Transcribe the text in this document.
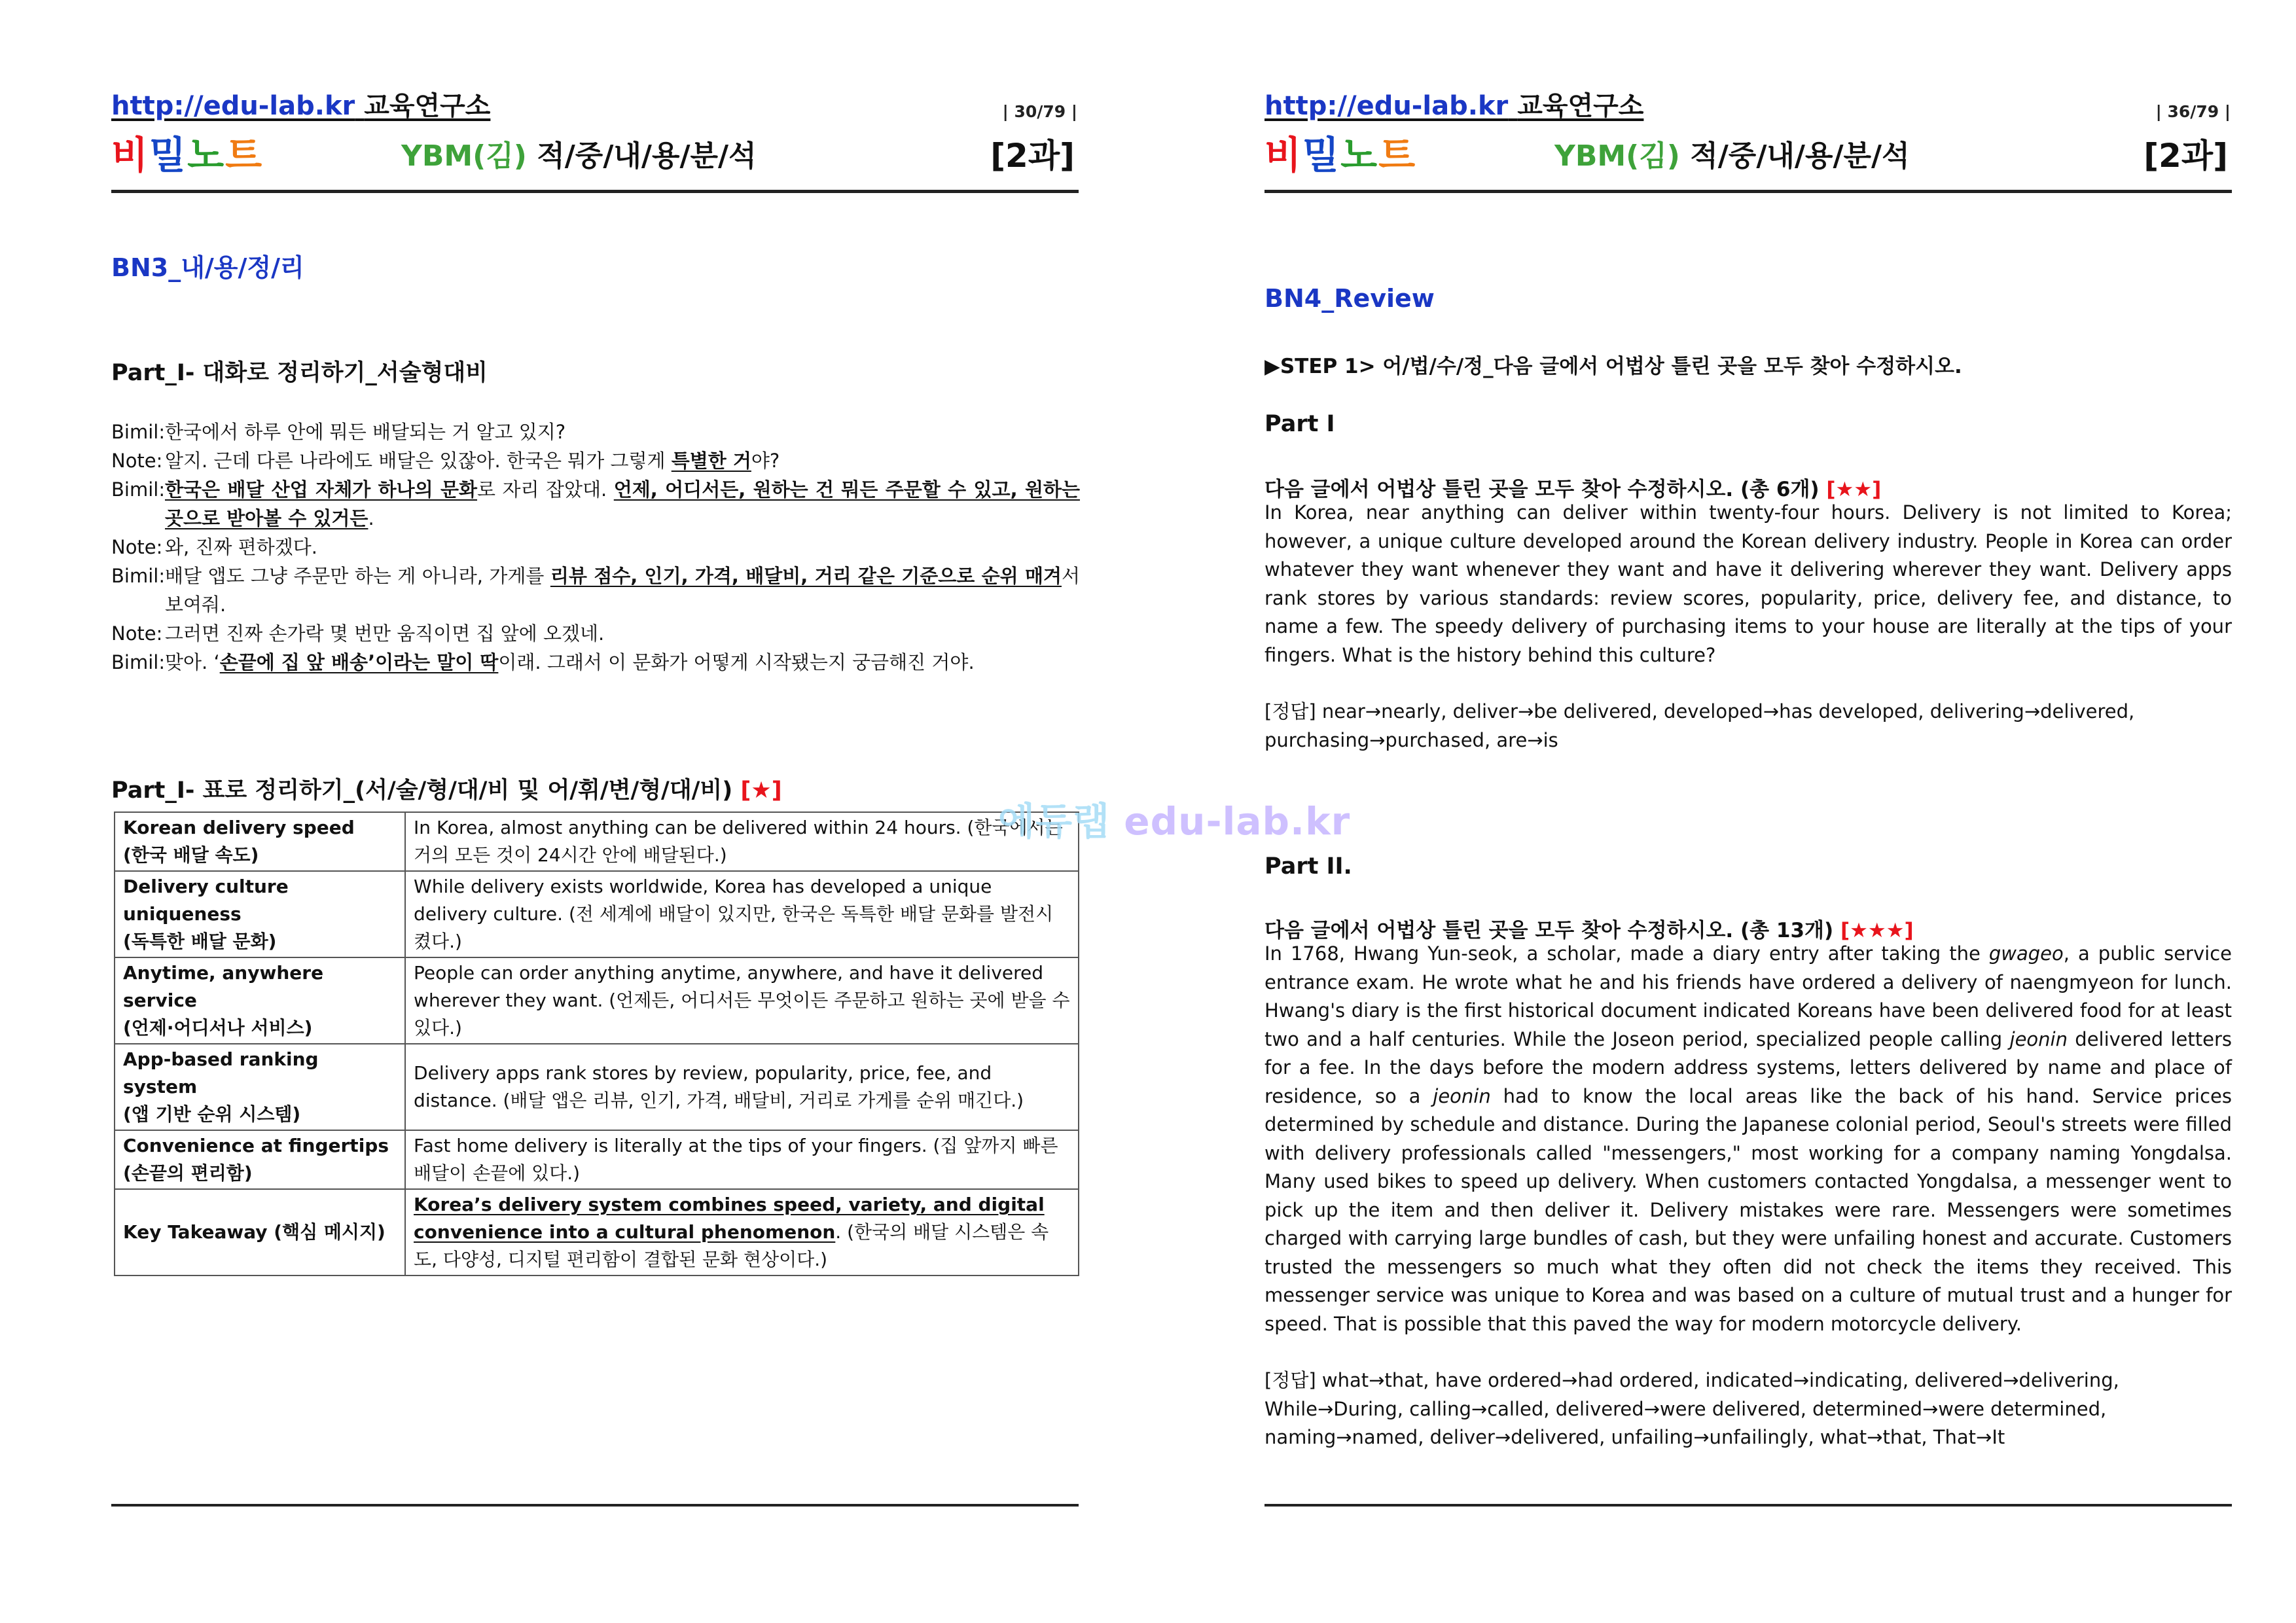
http://edu-lab.kr 교육연구소	| 30/79 |
비밀노트	YBM(김) 적/중/내/용/분/석	[2과]
BN3_내/용/정/리
Part_I- 대화로 정리하기_서술형대비
Bimil: 한국에서 하루 안에 뭐든 배달되는 거 알고 있지?
Note: 알지. 근데 다른 나라에도 배달은 있잖아. 한국은 뭐가 그렇게 특별한 거야?
Bimil: 한국은 배달 산업 자체가 하나의 문화로 자리 잡았대. 언제, 어디서든, 원하는 건 뭐든 주문할 수 있고, 원하는 곳으로 받아볼 수 있거든.
Note: 와, 진짜 편하겠다.
Bimil: 배달 앱도 그냥 주문만 하는 게 아니라, 가게를 리뷰 점수, 인기, 가격, 배달비, 거리 같은 기준으로 순위 매겨서 보여줘.
Note: 그러면 진짜 손가락 몇 번만 움직이면 집 앞에 오겠네.
Bimil: 맞아. ‘손끝에 집 앞 배송’이라는 말이 딱이래. 그래서 이 문화가 어떻게 시작됐는지 궁금해진 거야.
Part_I- 표로 정리하기_(서/술/형/대/비 및 어/휘/변/형/대/비) [★]
Korean delivery speed
(한국 배달 속도)	In Korea, almost anything can be delivered within 24 hours. (한국에서는 거의 모든 것이 24시간 안에 배달된다.)

Delivery culture uniqueness
(독특한 배달 문화)	While delivery exists worldwide, Korea has developed a unique delivery culture. (전 세계에 배달이 있지만, 한국은 독특한 배달 문화를 발전시켰다.)

Anytime, anywhere service
(언제·어디서나 서비스)	People can order anything anytime, anywhere, and have it delivered wherever they want. (언제든, 어디서든 무엇이든 주문하고 원하는 곳에 받을 수 있다.)

App-based ranking system
(앱 기반 순위 시스템)	Delivery apps rank stores by review, popularity, price, fee, and distance. (배달 앱은 리뷰, 인기, 가격, 배달비, 거리로 가게를 순위 매긴다.)

Convenience at fingertips
(손끝의 편리함)	Fast home delivery is literally at the tips of your fingers. (집 앞까지 빠른 배달이 손끝에 있다.)

Key Takeaway (핵심 메시지)	Korea’s delivery system combines speed, variety, and digital convenience into a cultural phenomenon. (한국의 배달 시스템은 속도, 다양성, 디지털 편리함이 결합된 문화 현상이다.)
http://edu-lab.kr 교육연구소	| 36/79 |
비밀노트	YBM(김) 적/중/내/용/분/석	[2과]
BN4_Review
▶STEP 1> 어/법/수/정_다음 글에서 어법상 틀린 곳을 모두 찾아 수정하시오.
Part I
다음 글에서 어법상 틀린 곳을 모두 찾아 수정하시오. (총 6개) [★★]
In Korea, near anything can deliver within twenty-four hours. Delivery is not limited to Korea; however, a unique culture developed around the Korean delivery industry. People in Korea can order whatever they want whenever they want and have it delivering wherever they want. Delivery apps rank stores by various standards: review scores, popularity, price, delivery fee, and distance, to name a few. The speedy delivery of purchasing items to your house are literally at the tips of your fingers. What is the history behind this culture?
[정답] near→nearly, deliver→be delivered, developed→has developed, delivering→delivered,
purchasing→purchased, are→is
Part II.
다음 글에서 어법상 틀린 곳을 모두 찾아 수정하시오. (총 13개) [★★★]
In 1768, Hwang Yun-seok, a scholar, made a diary entry after taking the gwageo, a public service entrance exam. He wrote what he and his friends have ordered a delivery of naengmyeon for lunch. Hwang's diary is the first historical document indicated Koreans have been delivered food for at least two and a half centuries. While the Joseon period, specialized people calling jeonin delivered letters for a fee. In the days before the modern address systems, letters delivered by name and place of residence, so a jeonin had to know the local areas like the back of his hand. Service prices determined by schedule and distance. During the Japanese colonial period, Seoul's streets were filled with delivery professionals called "messengers," most working for a company naming Yongdalsa. Many used bikes to speed up delivery. When customers contacted Yongdalsa, a messenger went to pick up the item and then deliver it. Delivery mistakes were rare. Messengers were sometimes charged with carrying large bundles of cash, but they were unfailing honest and accurate. Customers trusted the messengers so much what they often did not check the items they received. This messenger service was unique to Korea and was based on a culture of mutual trust and a hunger for speed. That is possible that this paved the way for modern motorcycle delivery.
[정답] what→that, have ordered→had ordered, indicated→indicating, delivered→delivering,
While→During, calling→called, delivered→were delivered, determined→were determined,
naming→named, deliver→delivered, unfailing→unfailingly, what→that, That→It
에듀랩 edu-lab.kr
